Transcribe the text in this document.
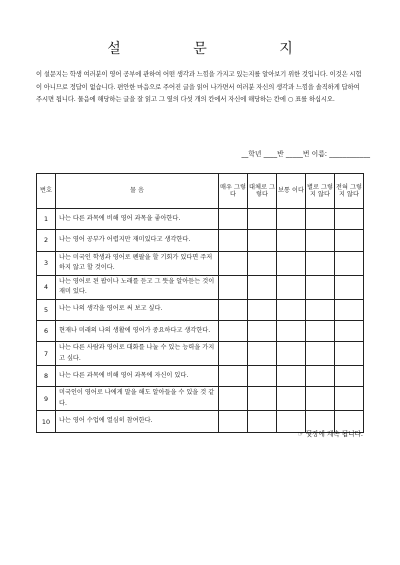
설 문 지
이 설문지는 학생 여러분이 영어 공부에 관하여 어떤 생각과 느낌을 가지고 있는지를 알아보기 위한 것입니다. 이것은 시험이 아니므로 정답이 없습니다. 편안한 마음으로 주어진 글을 읽어 나가면서 여러분 자신의 생각과 느낌을 솔직하게 답하여 주시면 됩니다. 물음에 해당하는 글을 잘 읽고 그 옆의 다섯 개의 칸에서 자신에 해당하는 칸에 ○ 표를 하십시오.
__학년 ____반 _____번 이름: ____________
번호	물 음	매우 그렇다	대체로 그렇다	보통 이다	별로 그렇지 않다	전혀 그렇지 않다
1	나는 다른 과목에 비해 영어 과목을 좋아한다.					
2	나는 영어 공부가 어렵지만 재미있다고 생각한다.					
3	나는 미국인 학생과 영어로 펜팔을 할 기회가 있다면 주저하지 않고 할 것이다.					
4	나는 영어로 된 팝이나 노래를 듣고 그 뜻을 알아듣는 것이 재미 있다.					
5	나는 나의 생각을 영어로 써 보고 싶다.					
6	현재나 미래의 나의 생활에 영어가 중요하다고 생각한다.					
7	나는 다른 사람과 영어로 대화를 나눌 수 있는 능력을 가지고 싶다.					
8	나는 다른 과목에 비해 영어 과목에 자신이 있다.					
9	미국인이 영어로 나에게 말을 해도 알아들을 수 있을 것 같다.					
10	나는 영어 수업에 열심히 참여한다.					
☞ 뒷장에 계속 됩니다.
